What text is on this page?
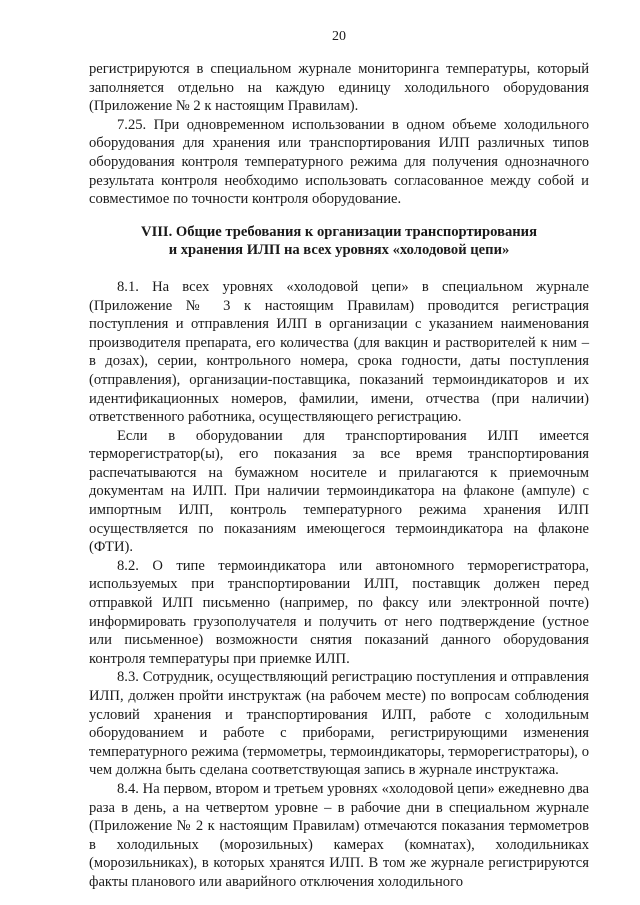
20

регистрируются в специальном журнале мониторинга температуры, который заполняется отдельно на каждую единицу холодильного оборудования (Приложение № 2 к настоящим Правилам).

7.25. При одновременном использовании в одном объеме холодильного оборудования для хранения или транспортирования ИЛП различных типов оборудования контроля температурного режима для получения однозначного результата контроля необходимо использовать согласованное между собой и совместимое по точности контроля оборудование.

VIII. Общие требования к организации транспортирования
и хранения ИЛП на всех уровнях «холодовой цепи»

8.1. На всех уровнях «холодовой цепи» в специальном журнале (Приложение № 3 к настоящим Правилам) проводится регистрация поступления и отправления ИЛП в организации с указанием наименования производителя препарата, его количества (для вакцин и растворителей к ним – в дозах), серии, контрольного номера, срока годности, даты поступления (отправления), организации-поставщика, показаний термоиндикаторов и их идентификационных номеров, фамилии, имени, отчества (при наличии) ответственного работника, осуществляющего регистрацию.

Если в оборудовании для транспортирования ИЛП имеется терморегистратор(ы), его показания за все время транспортирования распечатываются на бумажном носителе и прилагаются к приемочным документам на ИЛП. При наличии термоиндикатора на флаконе (ампуле) с импортным ИЛП, контроль температурного режима хранения ИЛП осуществляется по показаниям имеющегося термоиндикатора на флаконе (ФТИ).

8.2. О типе термоиндикатора или автономного терморегистратора, используемых при транспортировании ИЛП, поставщик должен перед отправкой ИЛП письменно (например, по факсу или электронной почте) информировать грузополучателя и получить от него подтверждение (устное или письменное) возможности снятия показаний данного оборудования контроля температуры при приемке ИЛП.

8.3. Сотрудник, осуществляющий регистрацию поступления и отправления ИЛП, должен пройти инструктаж (на рабочем месте) по вопросам соблюдения условий хранения и транспортирования ИЛП, работе с холодильным оборудованием и работе с приборами, регистрирующими изменения температурного режима (термометры, термоиндикаторы, терморегистраторы), о чем должна быть сделана соответствующая запись в журнале инструктажа.

8.4. На первом, втором и третьем уровнях «холодовой цепи» ежедневно два раза в день, а на четвертом уровне – в рабочие дни в специальном журнале (Приложение № 2 к настоящим Правилам) отмечаются показания термометров в холодильных (морозильных) камерах (комнатах), холодильниках (морозильниках), в которых хранятся ИЛП. В том же журнале регистрируются факты планового или аварийного отключения холодильного
